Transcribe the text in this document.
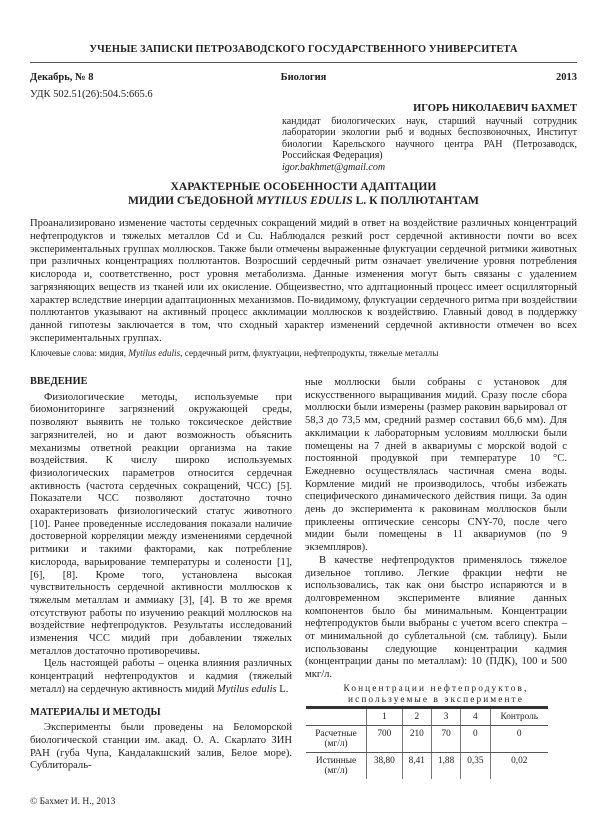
УЧЕНЫЕ ЗАПИСКИ ПЕТРОЗАВОДСКОГО ГОСУДАРСТВЕННОГО УНИВЕРСИТЕТА
Биология
Декабрь, № 8	2013
УДК 502.51(26):504.5:665.6
ИГОРЬ НИКОЛАЕВИЧ БАХМЕТ
кандидат биологических наук, старший научный сотрудник лаборатории экологии рыб и водных беспозвоночных, Институт биологии Карельского научного центра РАН (Петрозаводск, Российская Федерация)
igor.bakhmet@gmail.com
ХАРАКТЕРНЫЕ ОСОБЕННОСТИ АДАПТАЦИИ
МИДИИ СЪЕДОБНОЙ MYTILUS EDULIS L. К ПОЛЛЮТАНТАМ
Проанализировано изменение частоты сердечных сокращений мидий в ответ на воздействие различных концентраций нефтепродуктов и тяжелых металлов Cd и Cu. Наблюдался резкий рост сердечной активности почти во всех экспериментальных группах моллюсков. Также были отмечены выраженные флуктуации сердечной ритмики животных при различных концентрациях поллютантов. Возросший сердечный ритм означает увеличение уровня потребления кислорода и, соответственно, рост уровня метаболизма. Данные изменения могут быть связаны с удалением загрязняющих веществ из тканей или их окисление. Общеизвестно, что адптационный процесс имеет осцилляторный характер вследствие инерции адаптационных механизмов. По-видимому, флуктуации сердечного ритма при воздействии поллютантов указывают на активный процесс акклимации моллюсков к воздействию. Главный довод в поддержку данной гипотезы заключается в том, что сходный характер изменений сердечной активности отмечен во всех экспериментальных группах.
Ключевые слова: мидия, Mytilus edulis, сердечный ритм, флуктуации, нефтепродукты, тяжелые металлы
ВВЕДЕНИЕ

Физиологические методы, используемые при биомониторинге загрязнений окружающей среды, позволяют выявить не только токсическое действие загрязнителей, но и дают возможность объяснить механизмы ответной реакции организма на такие воздействия. К числу широко используемых физиологических параметров относится сердечная активность (частота сердечных сокращений, ЧСС) [5]. Показатели ЧСС позволяют достаточно точно охарактеризовать физиологический статус животного [10]. Ранее проведенные исследования показали наличие достоверной корреляции между изменениями сердечной ритмики и такими факторами, как потребление кислорода, варьирование температуры и солености [1], [6], [8]. Кроме того, установлена высокая чувствительность сердечной активности моллюсков к тяжелым металлам и аммиаку [3], [4]. В то же время отсутствуют работы по изучению реакций моллюсков на воздействие нефтепродуктов. Результаты исследований изменения ЧСС мидий при добавлении тяжелых металлов достаточно противоречивы.

Цель настоящей работы – оценка влияния различных концентраций нефтепродуктов и кадмия (тяжелый металл) на сердечную активность мидий Mytilus edulis L.

МАТЕРИАЛЫ И МЕТОДЫ

Эксперименты были проведены на Беломорской биологической станции им. акад. О. А. Скарлато ЗИН РАН (губа Чупа, Кандалакшский залив, Белое море). Сублитораль-

ные моллюски были собраны с установок для искусственного выращивания мидий. Сразу после сбора моллюски были измерены (размер раковин варьировал от 58,3 до 73,5 мм, средний размер составил 66,6 мм). Для акклимации к лабораторным условиям моллюски были помещены на 7 дней в аквариумы с морской водой с постоянной продувкой при температуре 10 °C. Ежедневно осуществлялась частичная смена воды. Кормление мидий не производилось, чтобы избежать специфического динамического действия пищи. За один день до эксперимента к раковинам моллюсков были приклеены оптические сенсоры CNY-70, после чего мидии были помещены в 11 аквариумов (по 9 экземпляров).

В качестве нефтепродуктов применялось тяжелое дизельное топливо. Легкие фракции нефти не использовались, так как они быстро испаряются и в долговременном эксперименте влияние данных компонентов было бы минимальным. Концентрации нефтепродуктов были выбраны с учетом всего спектра – от минимальной до сублетальной (см. таблицу). Были использованы следующие концентрации кадмия (концентрации даны по металлам): 10 (ПДК), 100 и 500 мкг/л.

Концентрации нефтепродуктов,
используемые в эксперименте
	1	2	3	4	Контроль

Расчетные
(мг/л)	700	210	70	0	0

Истинные
(мг/л)	38,80	8,41	1,88	0,35	0,02
© Бахмет И. Н., 2013
